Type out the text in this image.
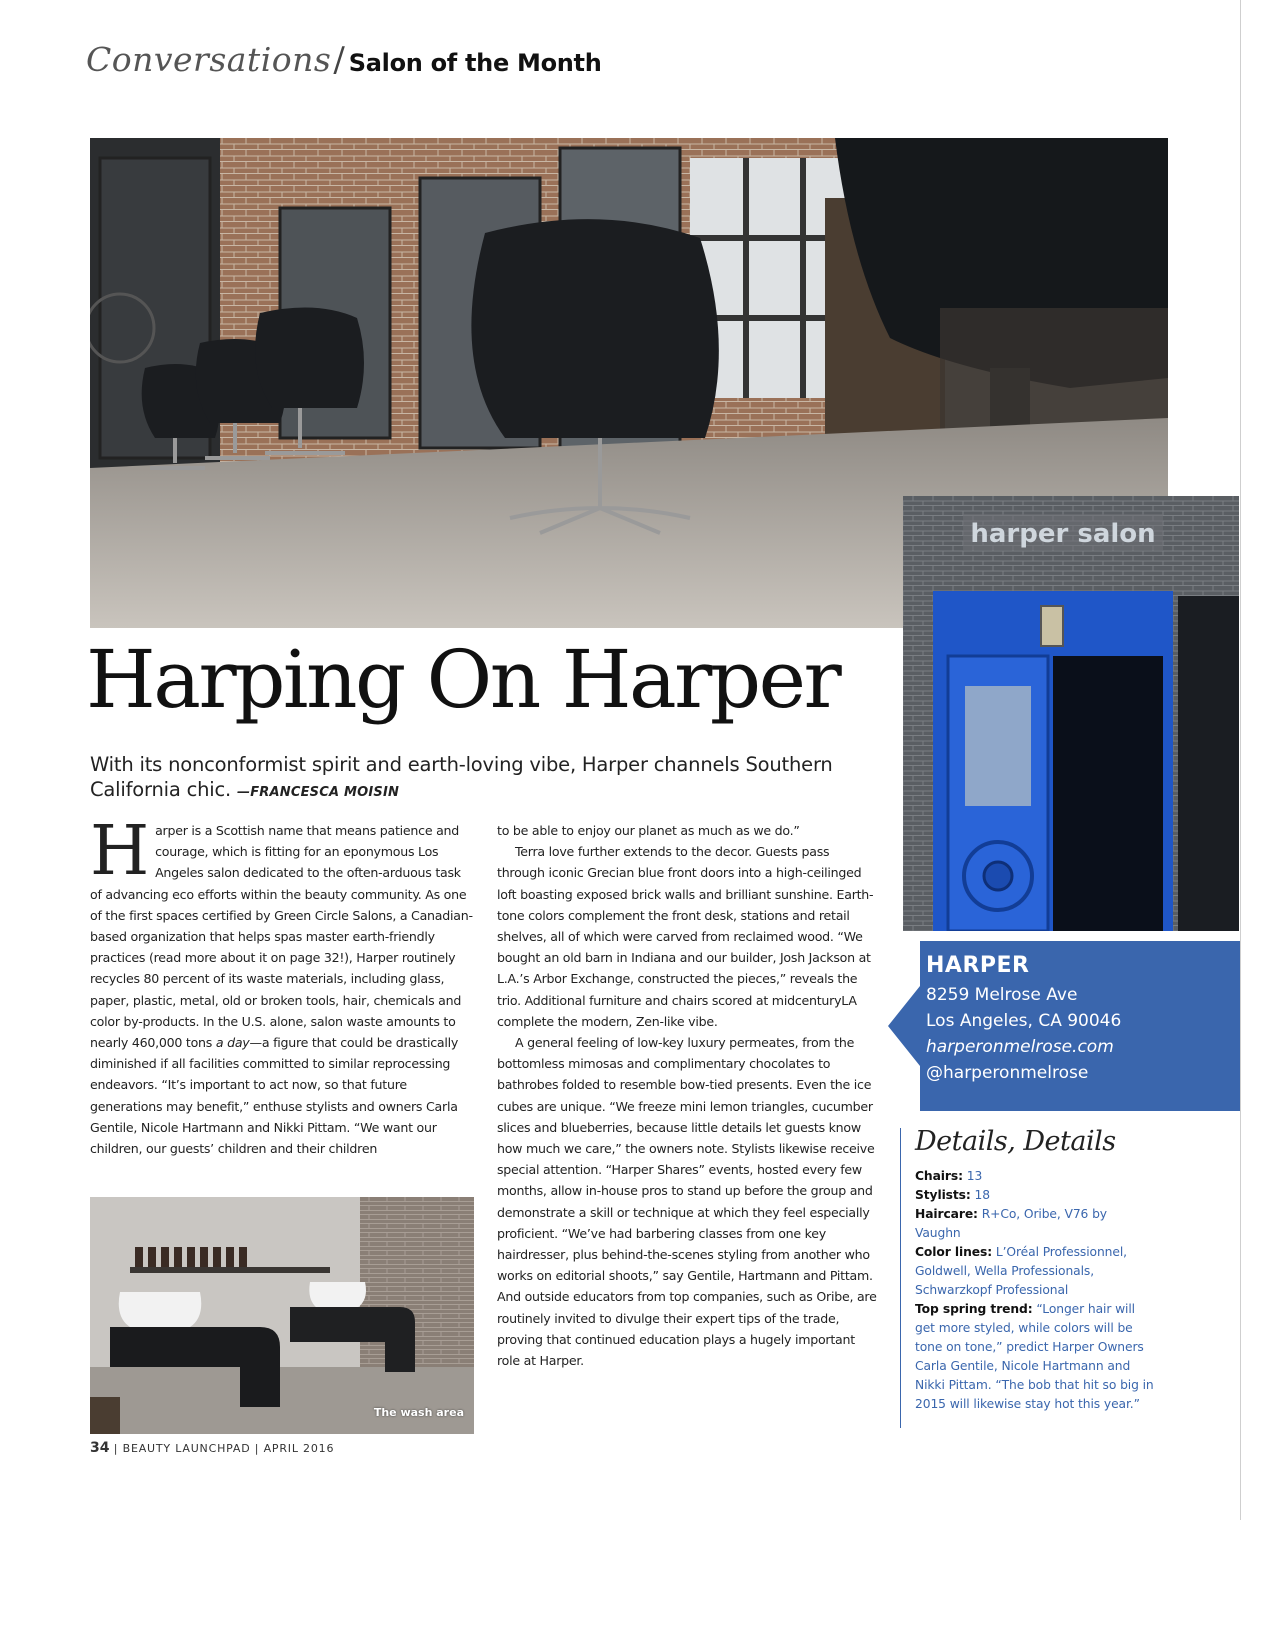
Conversations / Salon of the Month
harper salon
Harping On Harper
With its nonconformist spirit and earth-loving vibe, Harper channels Southern California chic. —FRANCESCA MOISIN

Harper is a Scottish name that means patience and courage, which is fitting for an eponymous Los Angeles salon dedicated to the often-arduous task of advancing eco efforts within the beauty community. As one of the first spaces certified by Green Circle Salons, a Canadian-based organization that helps spas master earth-friendly practices (read more about it on page 32!), Harper routinely recycles 80 percent of its waste materials, including glass, paper, plastic, metal, old or broken tools, hair, chemicals and color by-products. In the U.S. alone, salon waste amounts to nearly 460,000 tons a day—a figure that could be drastically diminished if all facilities committed to similar reprocessing endeavors. “It’s important to act now, so that future generations may benefit,” enthuse stylists and owners Carla Gentile, Nicole Hartmann and Nikki Pittam. “We want our children, our guests’ children and their children

to be able to enjoy our planet as much as we do.”

Terra love further extends to the decor. Guests pass through iconic Grecian blue front doors into a high-ceilinged loft boasting exposed brick walls and brilliant sunshine. Earth-tone colors complement the front desk, stations and retail shelves, all of which were carved from reclaimed wood. “We bought an old barn in Indiana and our builder, Josh Jackson at L.A.’s Arbor Exchange, constructed the pieces,” reveals the trio. Additional furniture and chairs scored at midcenturyLA complete the modern, Zen-like vibe.

A general feeling of low-key luxury permeates, from the bottomless mimosas and complimentary chocolates to bathrobes folded to resemble bow-tied presents. Even the ice cubes are unique. “We freeze mini lemon triangles, cucumber slices and blueberries, because little details let guests know how much we care,” the owners note. Stylists likewise receive special attention. “Harper Shares” events, hosted every few months, allow in-house pros to stand up before the group and demonstrate a skill or technique at which they feel especially proficient. “We’ve had barbering classes from one key hairdresser, plus behind-the-scenes styling from another who works on editorial shoots,” say Gentile, Hartmann and Pittam. And outside educators from top companies, such as Oribe, are routinely invited to divulge their expert tips of the trade, proving that continued education plays a hugely important role at Harper.

The wash area
HARPER
8259 Melrose Ave
Los Angeles, CA 90046
harperonmelrose.com
@harperonmelrose
Details, Details
Chairs: 13
Stylists: 18
Haircare: R+Co, Oribe, V76 by Vaughn
Color lines: L’Oréal Professionnel, Goldwell, Wella Professionals, Schwarzkopf Professional
Top spring trend: “Longer hair will get more styled, while colors will be tone on tone,” predict Harper Owners Carla Gentile, Nicole Hartmann and Nikki Pittam. “The bob that hit so big in 2015 will likewise stay hot this year.”
34 | BEAUTY LAUNCHPAD | APRIL 2016
